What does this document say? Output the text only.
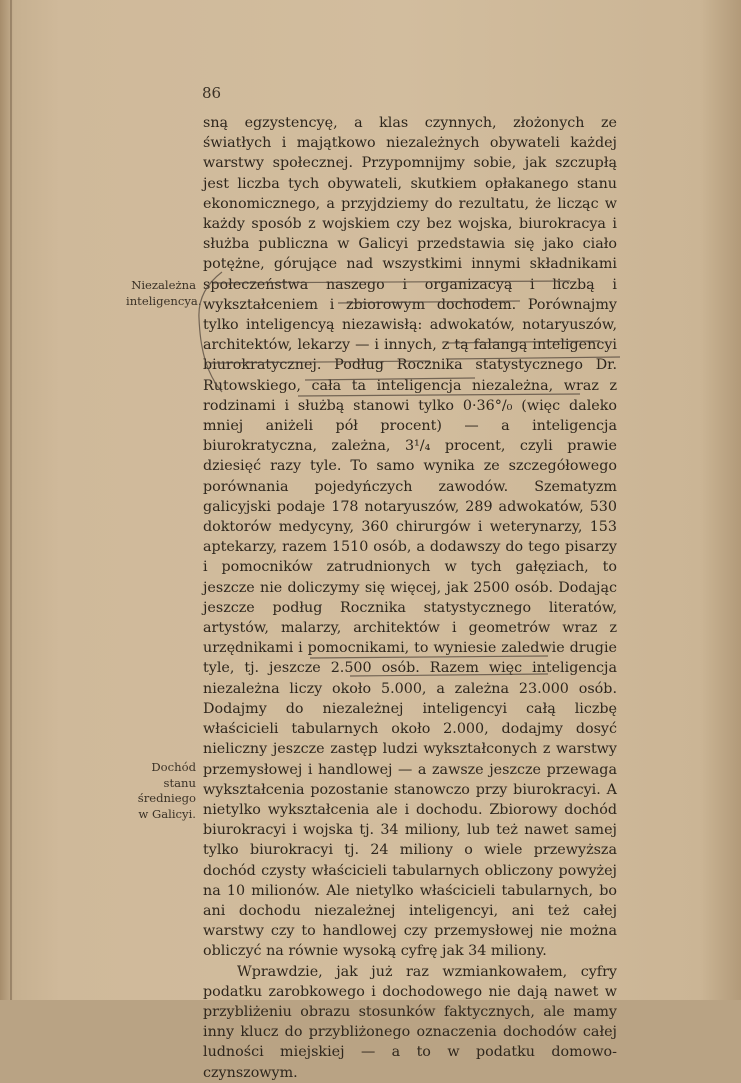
86
Niezależna
inteligencya.
Dochód
stanu
średniego
w Galicyi.

sną egzystencyę, a klas czynnych, złożonych ze światłych i majątkowo niezależnych obywateli każdej warstwy społecznej. Przypomnijmy sobie, jak szczupłą jest liczba tych obywateli, skutkiem opłakanego stanu ekonomicznego, a przyjdziemy do rezultatu, że licząc w każdy sposób z wojskiem czy bez wojska, biurokracya i służba publiczna w Galicyi przedstawia się jako ciało potężne, górujące nad wszystkimi innymi składnikami społeczeństwa naszego i organizacyą i liczbą i wykształceniem i zbiorowym dochodem. Porównajmy tylko inteligencyą niezawisłą: adwokatów, notaryuszów, architektów, lekarzy — i innych, z tą falangą inteligencyi biurokratycznej. Podług Rocznika statystycznego Dr. Rutowskiego, cała ta inteligencja niezależna, wraz z rodzinami i służbą stanowi tylko 0·36°/₀ (więc daleko mniej aniżeli pół procent) — a inteligencja biurokratyczna, zależna, 3¹/₄ procent, czyli prawie dziesięć razy tyle. To samo wynika ze szczegółowego porównania pojedyńczych zawodów. Szematyzm galicyjski podaje 178 notaryuszów, 289 adwokatów, 530 doktorów medycyny, 360 chirurgów i weterynarzy, 153 aptekarzy, razem 1510 osób, a dodawszy do tego pisarzy i pomocników zatrudnionych w tych gałęziach, to jeszcze nie doliczymy się więcej, jak 2500 osób. Dodając jeszcze podług Rocznika statystycznego literatów, artystów, malarzy, architektów i geometrów wraz z urzędnikami i pomocnikami, to wyniesie zaledwie drugie tyle, tj. jeszcze 2.500 osób. Razem więc inteligencja niezależna liczy około 5.000, a zależna 23.000 osób. Dodajmy do niezależnej inteligencyi całą liczbę właścicieli tabularnych około 2.000, dodajmy dosyć nieliczny jeszcze zastęp ludzi wykształconych z warstwy przemysłowej i handlowej — a zawsze jeszcze przewaga wykształcenia pozostanie stanowczo przy biurokracyi. A nietylko wykształcenia ale i dochodu. Zbiorowy dochód biurokracyi i wojska tj. 34 miliony, lub też nawet samej tylko biurokracyi tj. 24 miliony o wiele przewyższa dochód czysty właścicieli tabularnych obliczony powyżej na 10 milionów. Ale nietylko właścicieli tabularnych, bo ani dochodu niezależnej inteligencyi, ani też całej warstwy czy to handlowej czy przemysłowej nie można obliczyć na równie wysoką cyfrę jak 34 miliony.

Wprawdzie, jak już raz wzmiankowałem, cyfry podatku zarobkowego i dochodowego nie dają nawet w przybliżeniu obrazu stosunków faktycznych, ale mamy inny klucz do przybliżonego oznaczenia dochodów całej ludności miejskiej — a to w podatku domowo-czynszowym.
